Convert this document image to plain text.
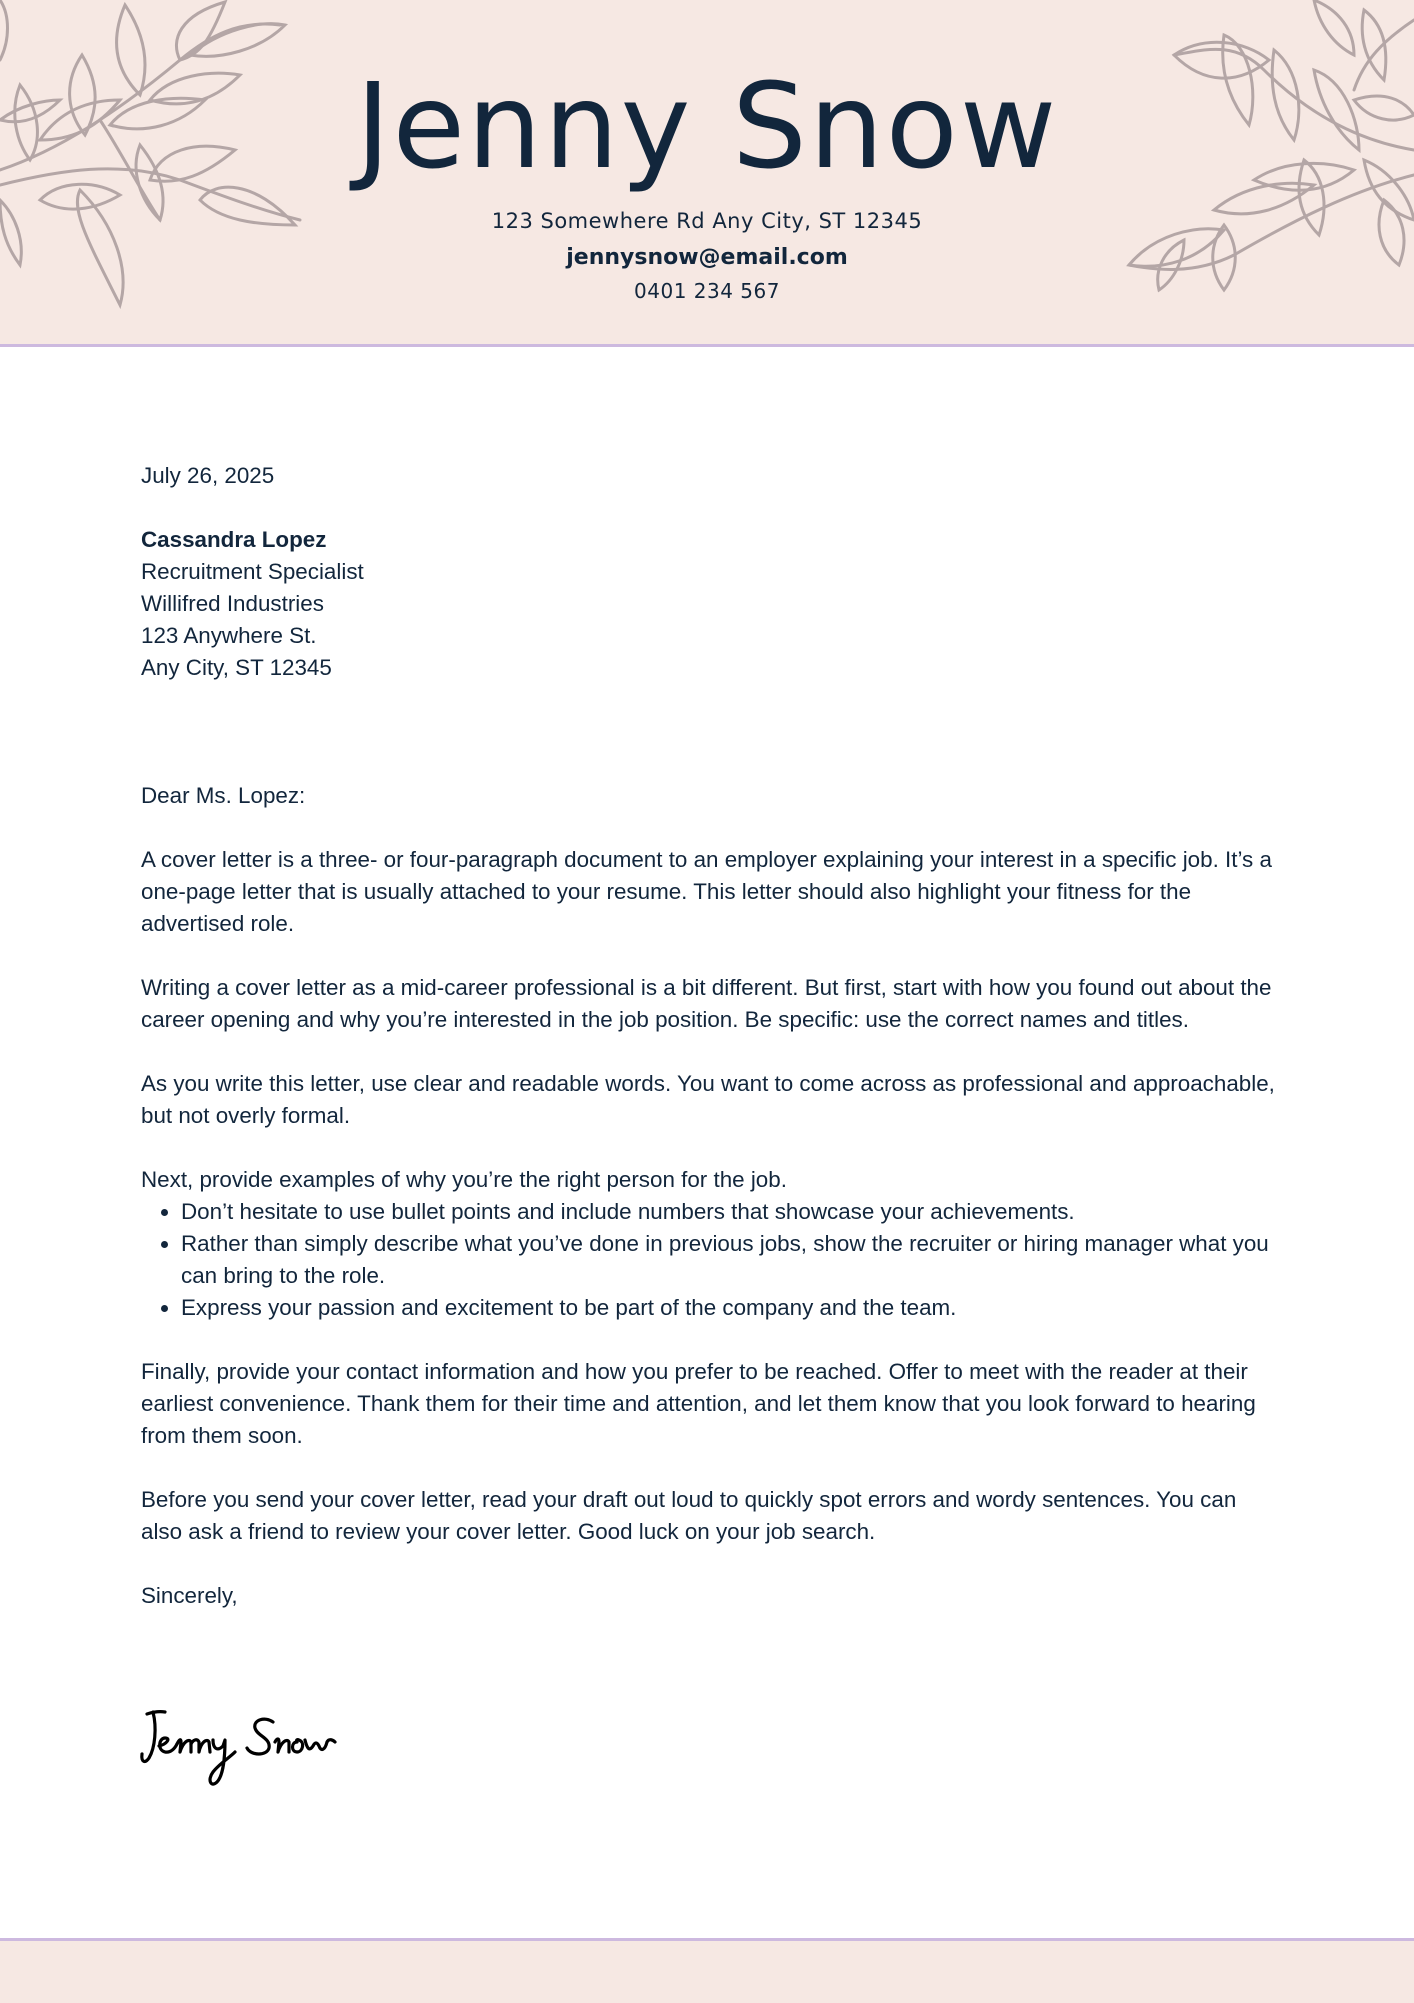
Jenny Snow
123 Somewhere Rd Any City, ST 12345
jennysnow@email.com
0401 234 567

July 26, 2025

Cassandra Lopez

Recruitment Specialist

Willifred Industries

123 Anywhere St.

Any City, ST 12345

Dear Ms. Lopez:

A cover letter is a three- or four-paragraph document to an employer explaining your interest in a specific job. It’s a one-page letter that is usually attached to your resume. This letter should also highlight your fitness for the advertised role.

Writing a cover letter as a mid-career professional is a bit different. But first, start with how you found out about the career opening and why you’re interested in the job position. Be specific: use the correct names and titles.

As you write this letter, use clear and readable words. You want to come across as professional and approachable, but not overly formal.

Next, provide examples of why you’re the right person for the job.

• Don’t hesitate to use bullet points and include numbers that showcase your achievements.
• Rather than simply describe what you’ve done in previous jobs, show the recruiter or hiring manager what you can bring to the role.
• Express your passion and excitement to be part of the company and the team.

Finally, provide your contact information and how you prefer to be reached. Offer to meet with the reader at their earliest convenience. Thank them for their time and attention, and let them know that you look forward to hearing from them soon.

Before you send your cover letter, read your draft out loud to quickly spot errors and wordy sentences. You can also ask a friend to review your cover letter. Good luck on your job search.

Sincerely,
